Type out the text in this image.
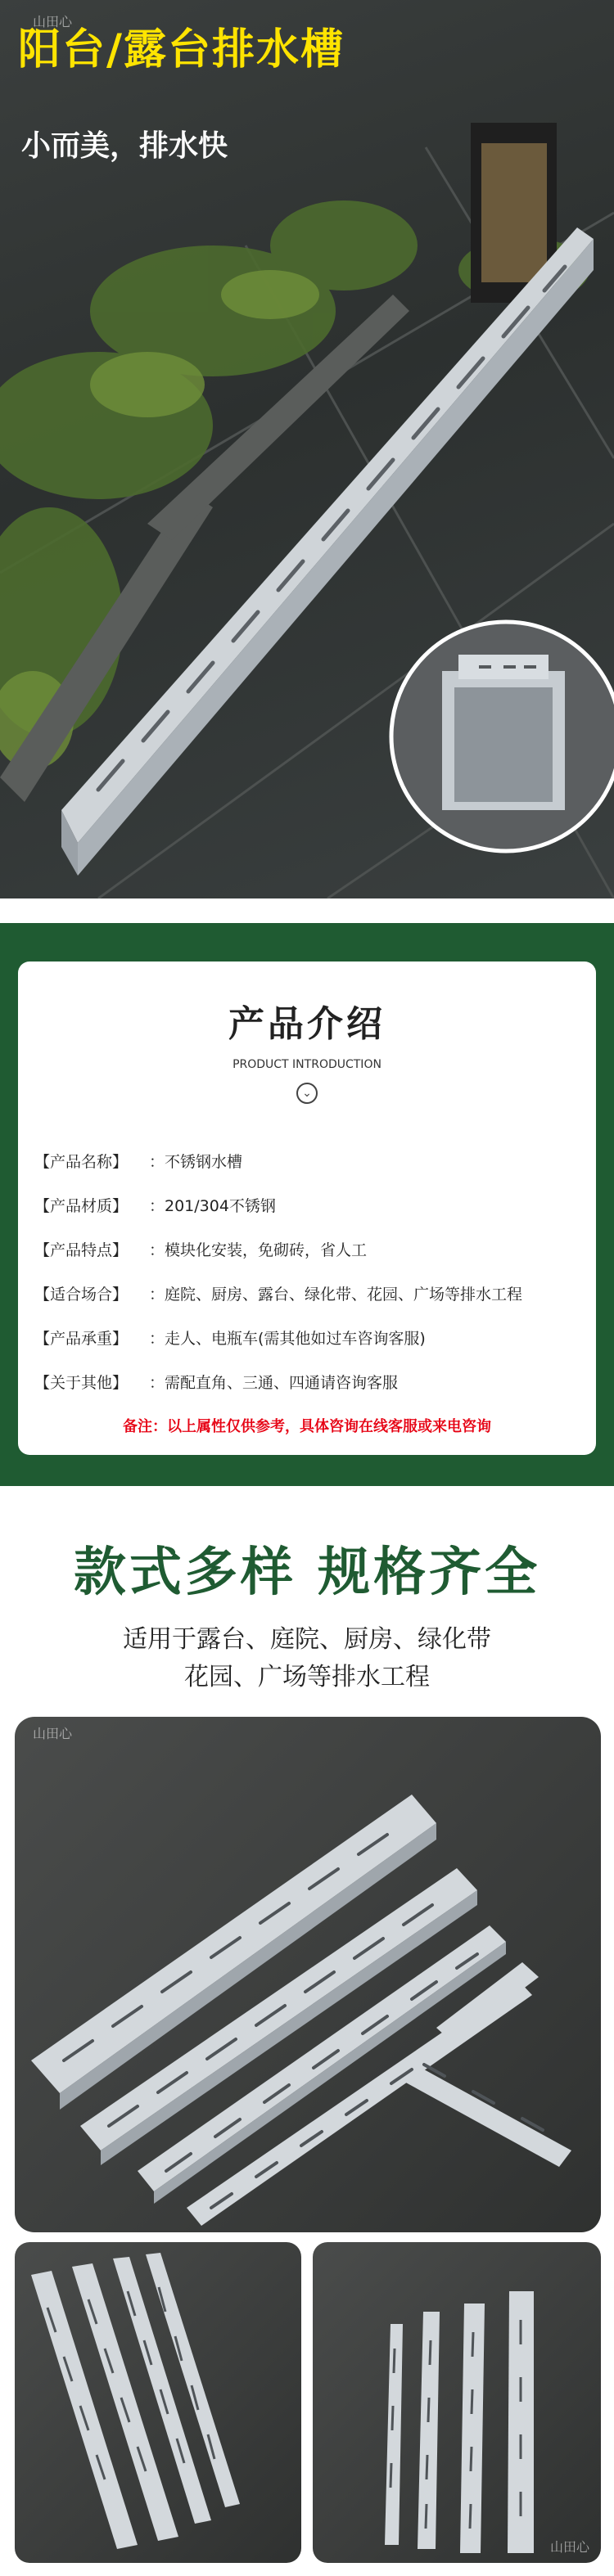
阳台/露台排水槽
小而美，排水快
山田心
产品介绍
PRODUCT INTRODUCTION
⌄
【产品名称】 ：不锈钢水槽
【产品材质】 ：201/304不锈钢
【产品特点】 ：模块化安装，免砌砖，省人工
【适合场合】 ：庭院、厨房、露台、绿化带、花园、广场等排水工程
【产品承重】 ：走人、电瓶车(需其他如过车咨询客服)
【关于其他】 ：需配直角、三通、四通请咨询客服
备注：以上属性仅供参考，具体咨询在线客服或来电咨询
款式多样 规格齐全
适用于露台、庭院、厨房、绿化带
花园、广场等排水工程
山田心
山田心
